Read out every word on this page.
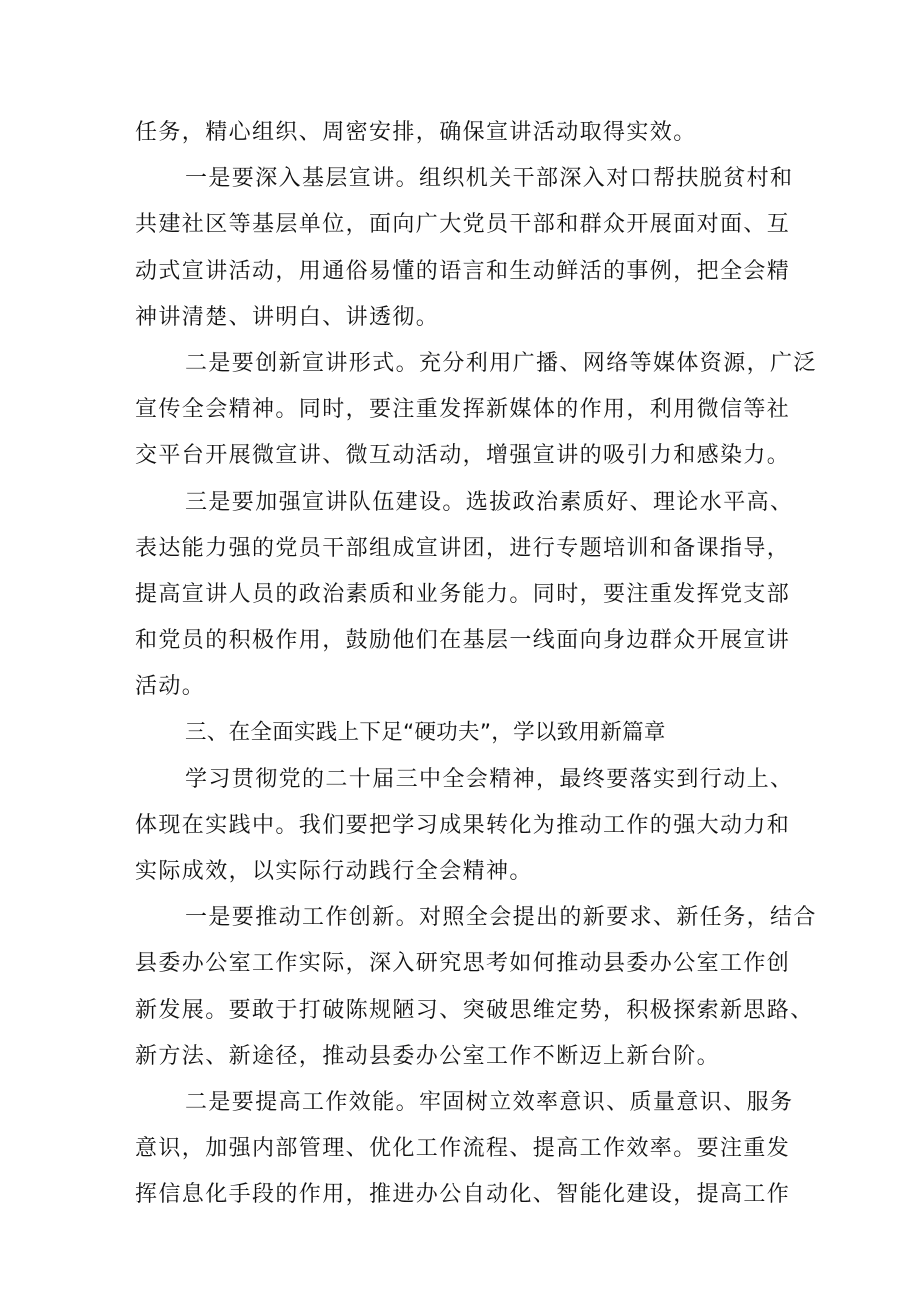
任务，精心组织、周密安排，确保宣讲活动取得实效。
一是要深入基层宣讲。组织机关干部深入对口帮扶脱贫村和
共建社区等基层单位，面向广大党员干部和群众开展面对面、互
动式宣讲活动，用通俗易懂的语言和生动鲜活的事例，把全会精
神讲清楚、讲明白、讲透彻。
二是要创新宣讲形式。充分利用广播、网络等媒体资源，广泛
宣传全会精神。同时，要注重发挥新媒体的作用，利用微信等社
交平台开展微宣讲、微互动活动，增强宣讲的吸引力和感染力。
三是要加强宣讲队伍建设。选拔政治素质好、理论水平高、
表达能力强的党员干部组成宣讲团，进行专题培训和备课指导，
提高宣讲人员的政治素质和业务能力。同时，要注重发挥党支部
和党员的积极作用，鼓励他们在基层一线面向身边群众开展宣讲
活动。
三、在全面实践上下足“硬功夫”，学以致用新篇章
学习贯彻党的二十届三中全会精神，最终要落实到行动上、
体现在实践中。我们要把学习成果转化为推动工作的强大动力和
实际成效，以实际行动践行全会精神。
一是要推动工作创新。对照全会提出的新要求、新任务，结合
县委办公室工作实际，深入研究思考如何推动县委办公室工作创
新发展。要敢于打破陈规陋习、突破思维定势，积极探索新思路、
新方法、新途径，推动县委办公室工作不断迈上新台阶。
二是要提高工作效能。牢固树立效率意识、质量意识、服务
意识，加强内部管理、优化工作流程、提高工作效率。要注重发
挥信息化手段的作用，推进办公自动化、智能化建设，提高工作
